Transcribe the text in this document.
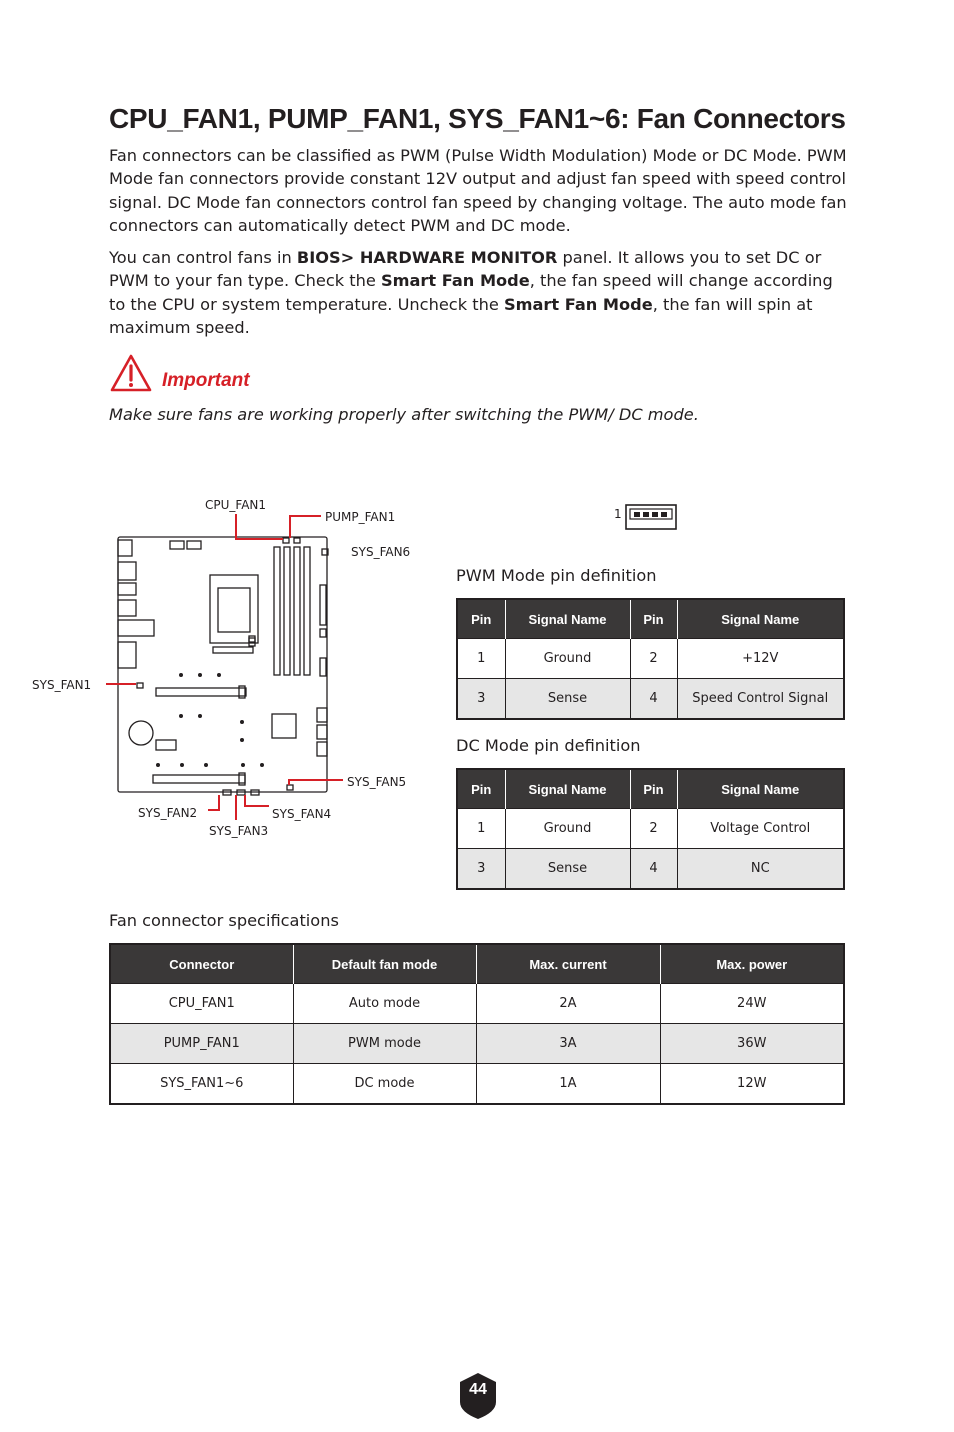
CPU_FAN1, PUMP_FAN1, SYS_FAN1~6: Fan Connectors

Fan connectors can be classified as PWM (Pulse Width Modulation) Mode or DC Mode. PWM Mode fan connectors provide constant 12V output and adjust fan speed with speed control signal. DC Mode fan connectors control fan speed by changing voltage. The auto mode fan connectors can automatically detect PWM and DC mode.

You can control fans in BIOS> HARDWARE MONITOR panel. It allows you to set DC or PWM to your fan type. Check the Smart Fan Mode, the fan speed will change according to the CPU or system temperature. Uncheck the Smart Fan Mode, the fan will spin at maximum speed.

Important
Make sure fans are working properly after switching the PWM/ DC mode.
CPU_FAN1
PUMP_FAN1
SYS_FAN6
SYS_FAN1
SYS_FAN5
SYS_FAN2	SYS_FAN4
SYS_FAN3
1
PWM Mode pin definition
Pin	Signal Name	Pin	Signal Name
1	Ground	2	+12V
3	Sense	4	Speed Control Signal
DC Mode pin definition
Pin	Signal Name	Pin	Signal Name
1	Ground	2	Voltage Control
3	Sense	4	NC
Fan connector specifications
Connector	Default fan mode	Max. current	Max. power
CPU_FAN1	Auto mode	2A	24W
PUMP_FAN1	PWM mode	3A	36W
SYS_FAN1~6	DC mode	1A	12W
44
